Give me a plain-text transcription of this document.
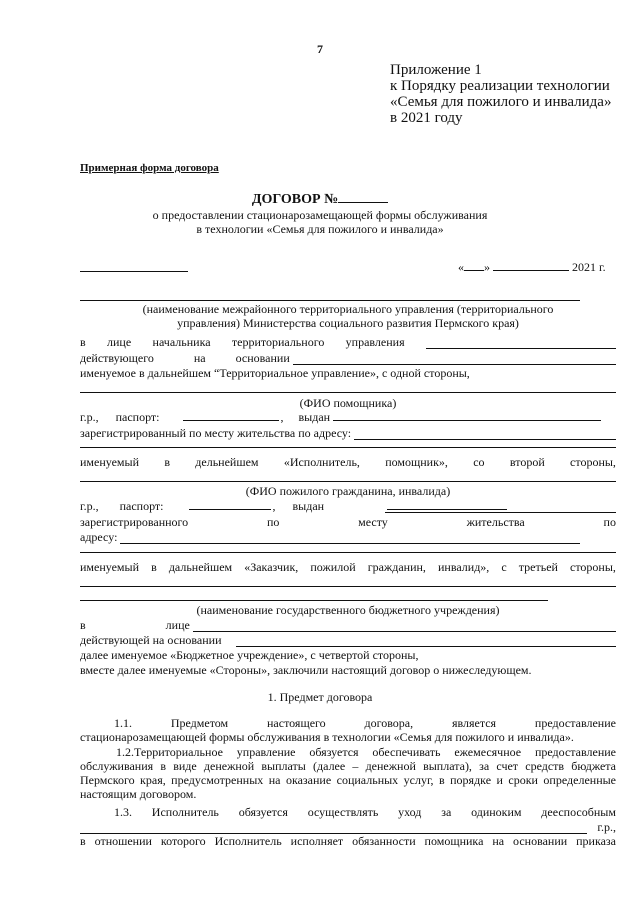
7
Приложение 1
к Порядку реализации технологии
«Семья для пожилого и инвалида»
в 2021 году
Примерная форма договора
ДОГОВОР №
о предоставлении стационарозамещающей формы обслуживания
в технологии «Семья для пожилого и инвалида»
« »	2021 г.
(наименование межрайонного территориального управления (территориального
управления) Министерства социального развития Пермского края)
в лице начальника территориального управления
действующего	на	основании
именуемое в дальнейшем “Территориальное управление», с одной стороны,
(ФИО помощника)
г.р., паспорт:	, выдан
зарегистрированный по месту жительства по адресу:
именуемый в дельнейшем «Исполнитель, помощник», со второй стороны,
(ФИО пожилого гражданина, инвалида)
г.р., паспорт:	, выдан
зарегистрированного	по	месту	жительства	по
адресу:
именуемый в дальнейшем «Заказчик, пожилой гражданин, инвалид», с третьей стороны,
(наименование государственного бюджетного учреждения)
в	лице
действующей на основании
далее именуемое «Бюджетное учреждение», с четвертой стороны,
вместе далее именуемые «Стороны», заключили настоящий договор о нижеследующем.
1. Предмет договора
1.1.	Предметом	настоящего	договора,	является	предоставление
стационарозамещающей формы обслуживания в технологии «Семья для пожилого и инвалида».
1.2.Территориальное управление обязуется обеспечивать ежемесячное предоставление обслуживания в виде денежной выплаты (далее – денежной выплата), за счет средств бюджета Пермского края, предусмотренных на оказание социальных услуг, в порядке и сроки определенные настоящим договором.
1.3. Исполнитель обязуется осуществлять уход за одиноким дееспособным
г.р.,
в отношении которого Исполнитель исполняет обязанности помощника на основании приказа
